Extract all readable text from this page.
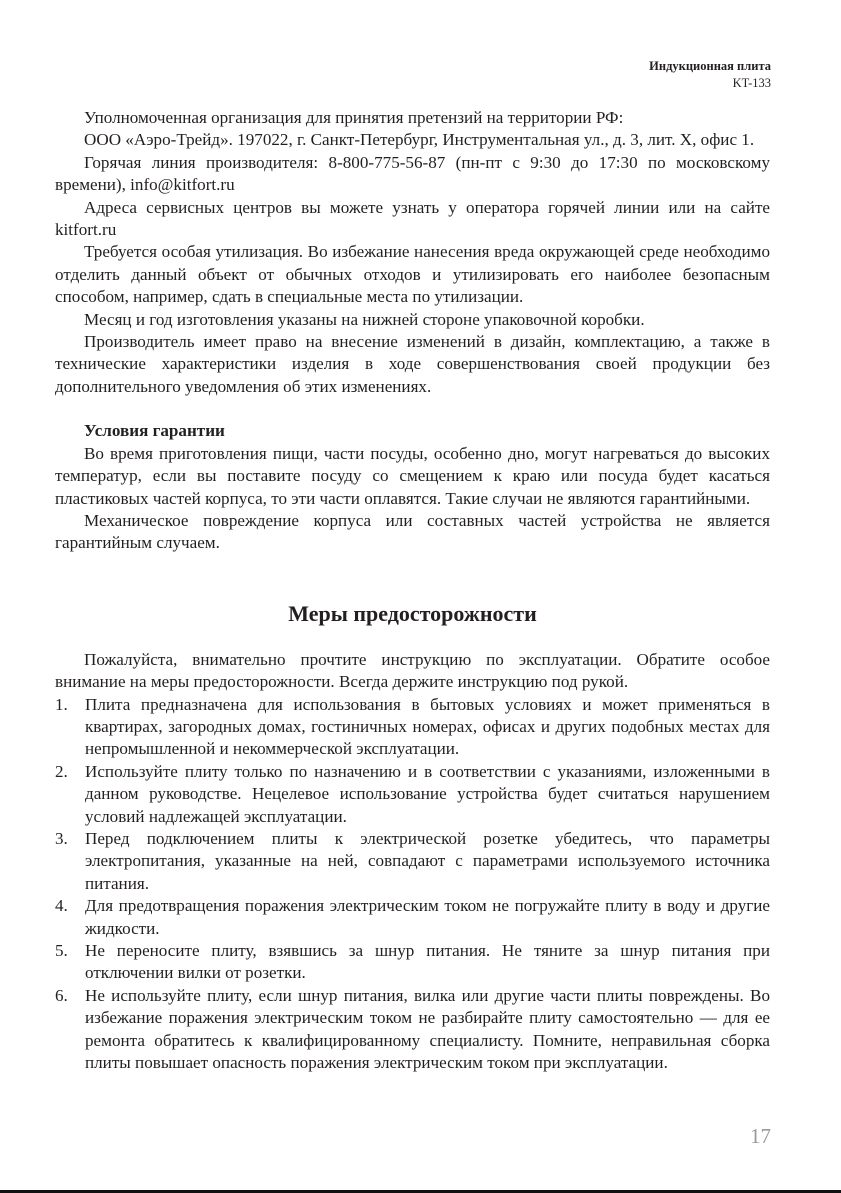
Индукционная плита
KT-133

Уполномоченная организация для принятия претензий на территории РФ:

ООО «Аэро-Трейд». 197022, г. Санкт-Петербург, Инструментальная ул., д. 3, лит. Х, офис 1.

Горячая линия производителя: 8-800-775-56-87 (пн-пт с 9:30 до 17:30 по московскому времени), info@kitfort.ru

Адреса сервисных центров вы можете узнать у оператора горячей линии или на сайте kitfort.ru

Требуется особая утилизация. Во избежание нанесения вреда окружающей среде необходимо отделить данный объект от обычных отходов и утилизировать его наиболее безопасным способом, например, сдать в специальные места по утилизации.

Месяц и год изготовления указаны на нижней стороне упаковочной коробки.

Производитель имеет право на внесение изменений в дизайн, комплектацию, а также в технические характеристики изделия в ходе совершенствования своей продукции без дополнительного уведомления об этих изменениях.

Условия гарантии

Во время приготовления пищи, части посуды, особенно дно, могут нагреваться до высоких температур, если вы поставите посуду со смещением к краю или посуда будет касаться пластиковых частей корпуса, то эти части оплавятся. Такие случаи не являются гарантийными.

Механическое повреждение корпуса или составных частей устройства не является гарантийным случаем.

Меры предосторожности

Пожалуйста, внимательно прочтите инструкцию по эксплуатации. Обратите особое внимание на меры предосторожности. Всегда держите инструкцию под рукой.

1. Плита предназначена для использования в бытовых условиях и может применяться в квартирах, загородных домах, гостиничных номерах, офисах и других подобных местах для непромышленной и некоммерческой эксплуатации.
2. Используйте плиту только по назначению и в соответствии с указаниями, изложенными в данном руководстве. Нецелевое использование устройства будет считаться нарушением условий надлежащей эксплуатации.
3. Перед подключением плиты к электрической розетке убедитесь, что параметры электропитания, указанные на ней, совпадают с параметрами используемого источника питания.
4. Для предотвращения поражения электрическим током не погружайте плиту в воду и другие жидкости.
5. Не переносите плиту, взявшись за шнур питания. Не тяните за шнур питания при отключении вилки от розетки.
6. Не используйте плиту, если шнур питания, вилка или другие части плиты повреждены. Во избежание поражения электрическим током не разбирайте плиту самостоятельно — для ее ремонта обратитесь к квалифицированному специалисту. Помните, неправильная сборка плиты повышает опасность поражения электрическим током при эксплуатации.
17
